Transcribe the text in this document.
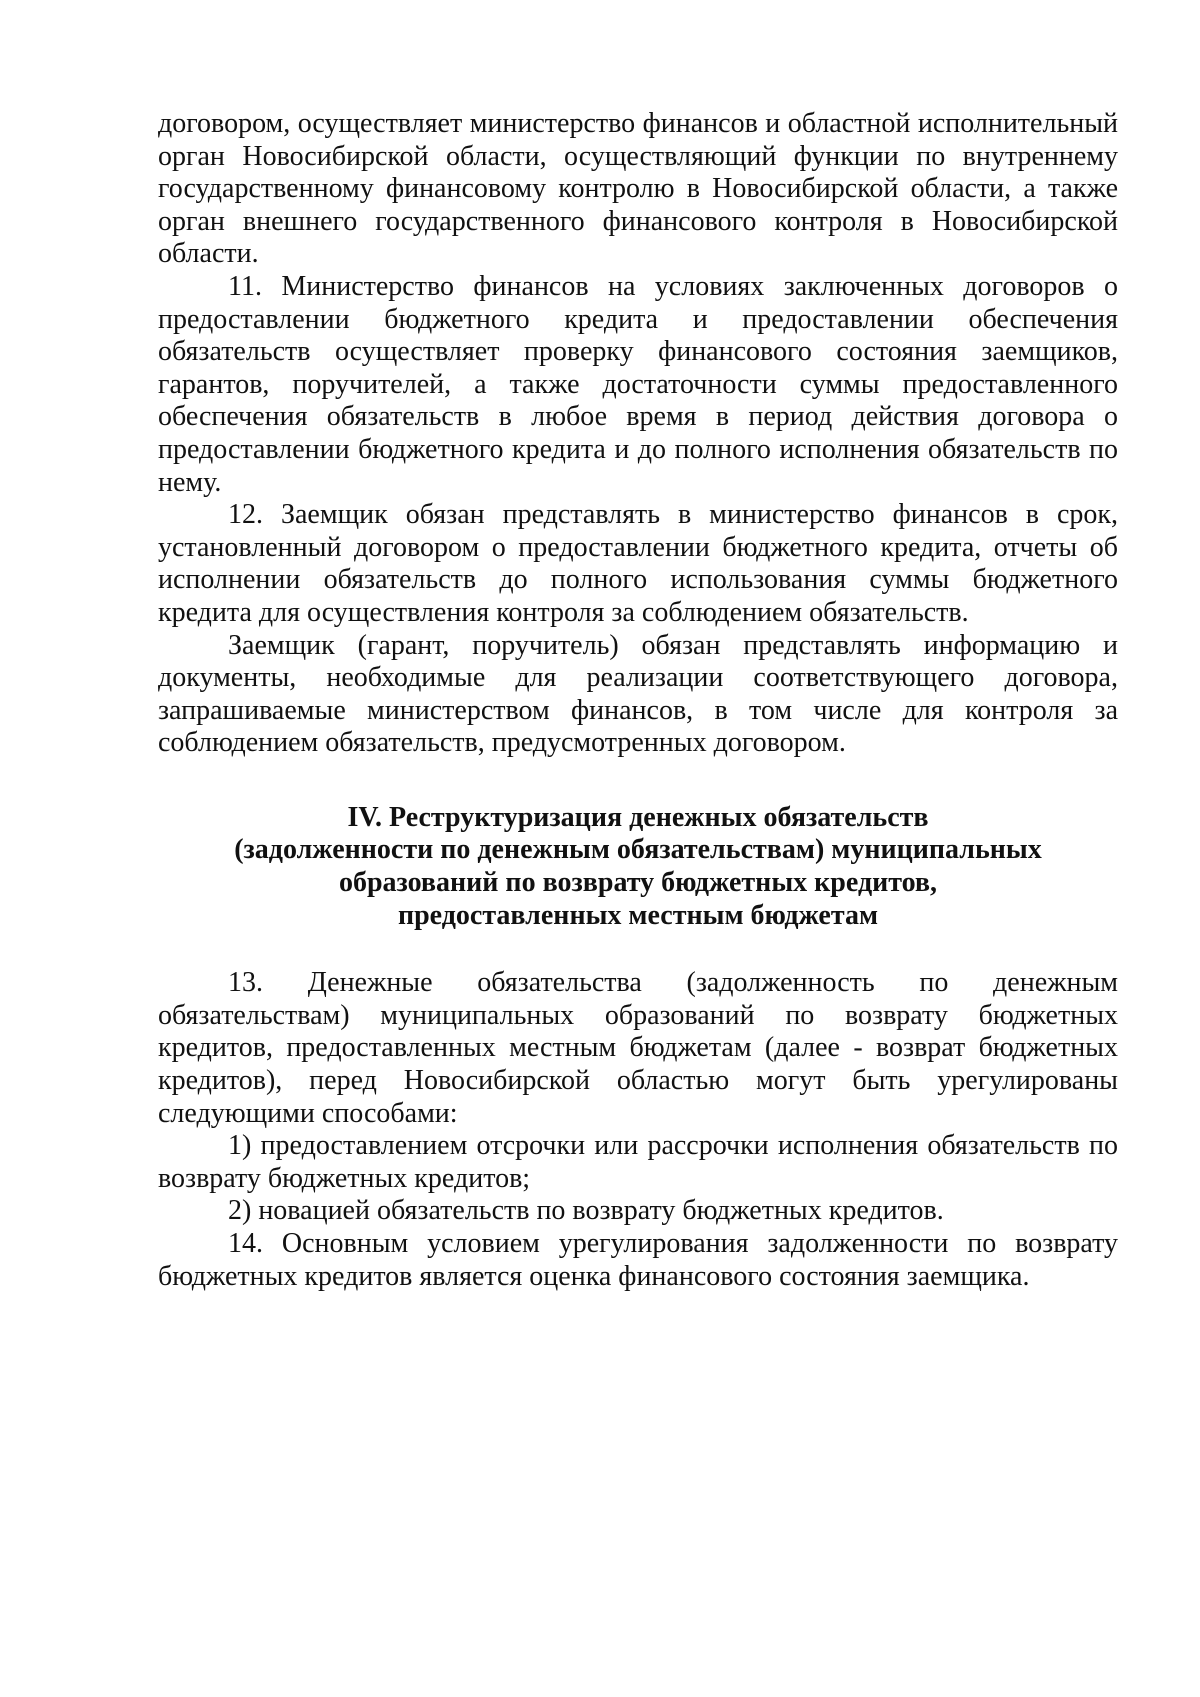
договором, осуществляет министерство финансов и областной исполнительный орган Новосибирской области, осуществляющий функции по внутреннему государственному финансовому контролю в Новосибирской области, а также орган внешнего государственного финансового контроля в Новосибирской области.

11. Министерство финансов на условиях заключенных договоров о предоставлении бюджетного кредита и предоставлении обеспечения обязательств осуществляет проверку финансового состояния заемщиков, гарантов, поручителей, а также достаточности суммы предоставленного обеспечения обязательств в любое время в период действия договора о предоставлении бюджетного кредита и до полного исполнения обязательств по нему.

12. Заемщик обязан представлять в министерство финансов в срок, установленный договором о предоставлении бюджетного кредита, отчеты об исполнении обязательств до полного использования суммы бюджетного кредита для осуществления контроля за соблюдением обязательств.

Заемщик (гарант, поручитель) обязан представлять информацию и документы, необходимые для реализации соответствующего договора, запрашиваемые министерством финансов, в том числе для контроля за соблюдением обязательств, предусмотренных договором.

IV. Реструктуризация денежных обязательств
(задолженности по денежным обязательствам) муниципальных
образований по возврату бюджетных кредитов,
предоставленных местным бюджетам

13. Денежные обязательства (задолженность по денежным обязательствам) муниципальных образований по возврату бюджетных кредитов, предоставленных местным бюджетам (далее - возврат бюджетных кредитов), перед Новосибирской областью могут быть урегулированы следующими способами:

1) предоставлением отсрочки или рассрочки исполнения обязательств по возврату бюджетных кредитов;

2) новацией обязательств по возврату бюджетных кредитов.

14. Основным условием урегулирования задолженности по возврату бюджетных кредитов является оценка финансового состояния заемщика.
